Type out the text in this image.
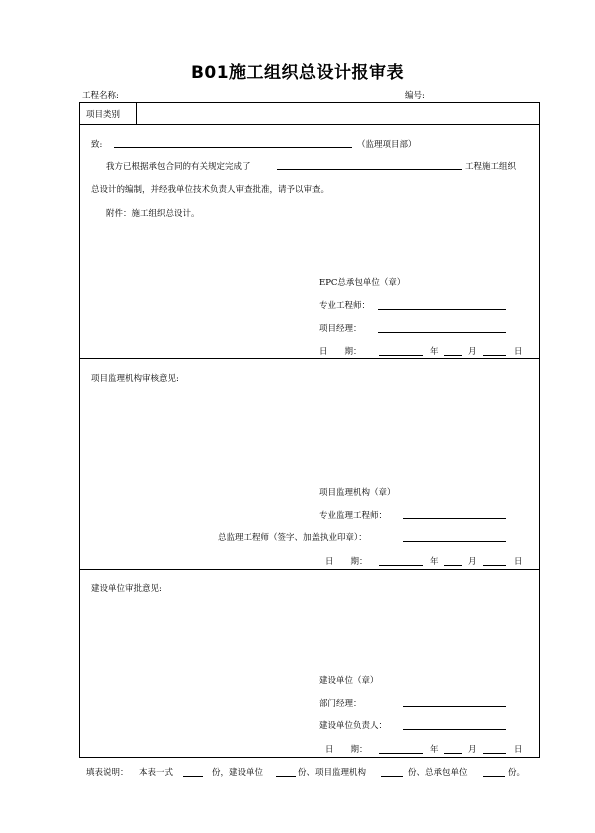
B01施工组织总设计报审表
工程名称:	编号:
项目类别
致:	（监理项目部）
我方已根据承包合同的有关规定完成了	工程施工组织
总设计的编制，并经我单位技术负责人审查批准，请予以审查。
附件：施工组织总设计。
EPC总承包单位（章）
专业工程师：
项目经理：
日　　期：	年	月	日
项目监理机构审核意见:
项目监理机构（章）
专业监理工程师：
总监理工程师（签字、加盖执业印章）：
日　　期：	年	月	日
建设单位审批意见:
建设单位（章）
部门经理：
建设单位负责人：
日　　期：	年	月	日
填表说明： 本表一式	份，建设单位	份、项目监理机构	份、总承包单位	份。
